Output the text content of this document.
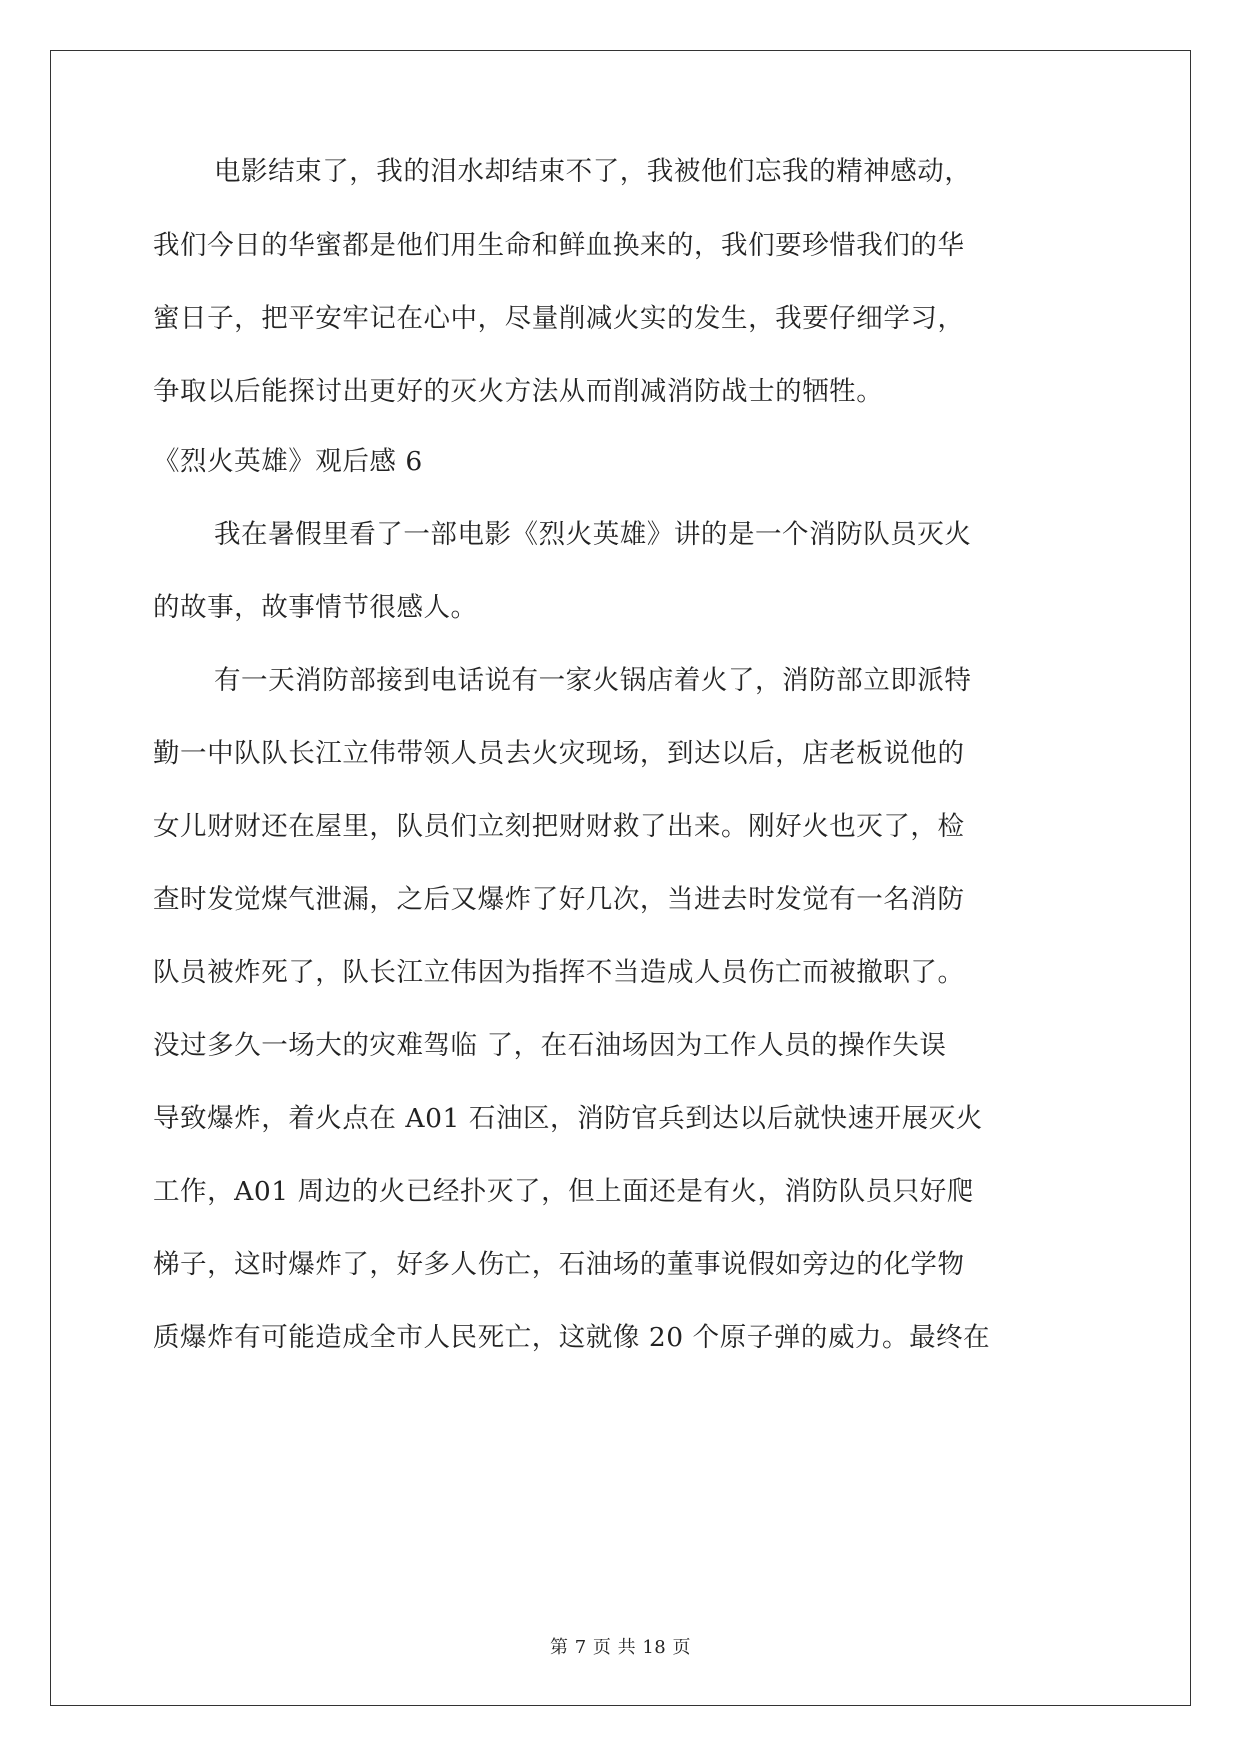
电影结束了，我的泪水却结束不了，我被他们忘我的精神感动，
我们今日的华蜜都是他们用生命和鲜血换来的，我们要珍惜我们的华
蜜日子，把平安牢记在心中，尽量削减火实的发生，我要仔细学习，
争取以后能探讨出更好的灭火方法从而削减消防战士的牺牲。
《烈火英雄》观后感 6
我在暑假里看了一部电影《烈火英雄》讲的是一个消防队员灭火
的故事，故事情节很感人。
有一天消防部接到电话说有一家火锅店着火了，消防部立即派特
勤一中队队长江立伟带领人员去火灾现场，到达以后，店老板说他的
女儿财财还在屋里，队员们立刻把财财救了出来。刚好火也灭了，检
查时发觉煤气泄漏，之后又爆炸了好几次，当进去时发觉有一名消防
队员被炸死了，队长江立伟因为指挥不当造成人员伤亡而被撤职了。
没过多久一场大的灾难驾临 了，在石油场因为工作人员的操作失误
导致爆炸，着火点在 A01 石油区，消防官兵到达以后就快速开展灭火
工作，A01 周边的火已经扑灭了，但上面还是有火，消防队员只好爬
梯子，这时爆炸了，好多人伤亡，石油场的董事说假如旁边的化学物
质爆炸有可能造成全市人民死亡，这就像 20 个原子弹的威力。最终在
第 7 页 共 18 页
